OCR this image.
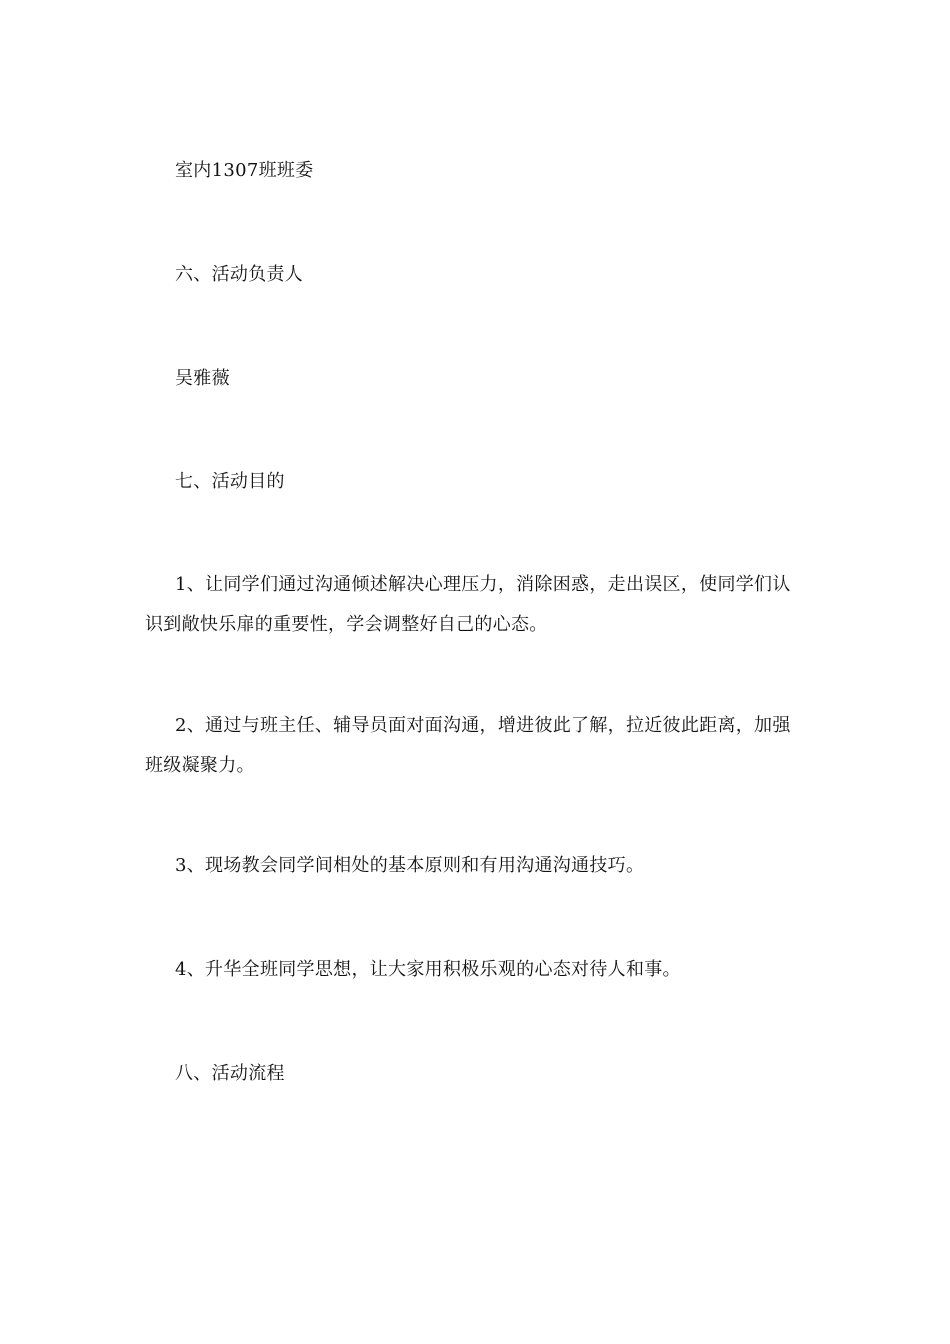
室内1307班班委

六、活动负责人

吴雅薇

七、活动目的

1、让同学们通过沟通倾述解决心理压力，消除困惑，走出误区，使同学们认识到敞快乐扉的重要性，学会调整好自己的心态。

2、通过与班主任、辅导员面对面沟通，增进彼此了解，拉近彼此距离，加强班级凝聚力。

3、现场教会同学间相处的基本原则和有用沟通沟通技巧。

4、升华全班同学思想，让大家用积极乐观的心态对待人和事。

八、活动流程
